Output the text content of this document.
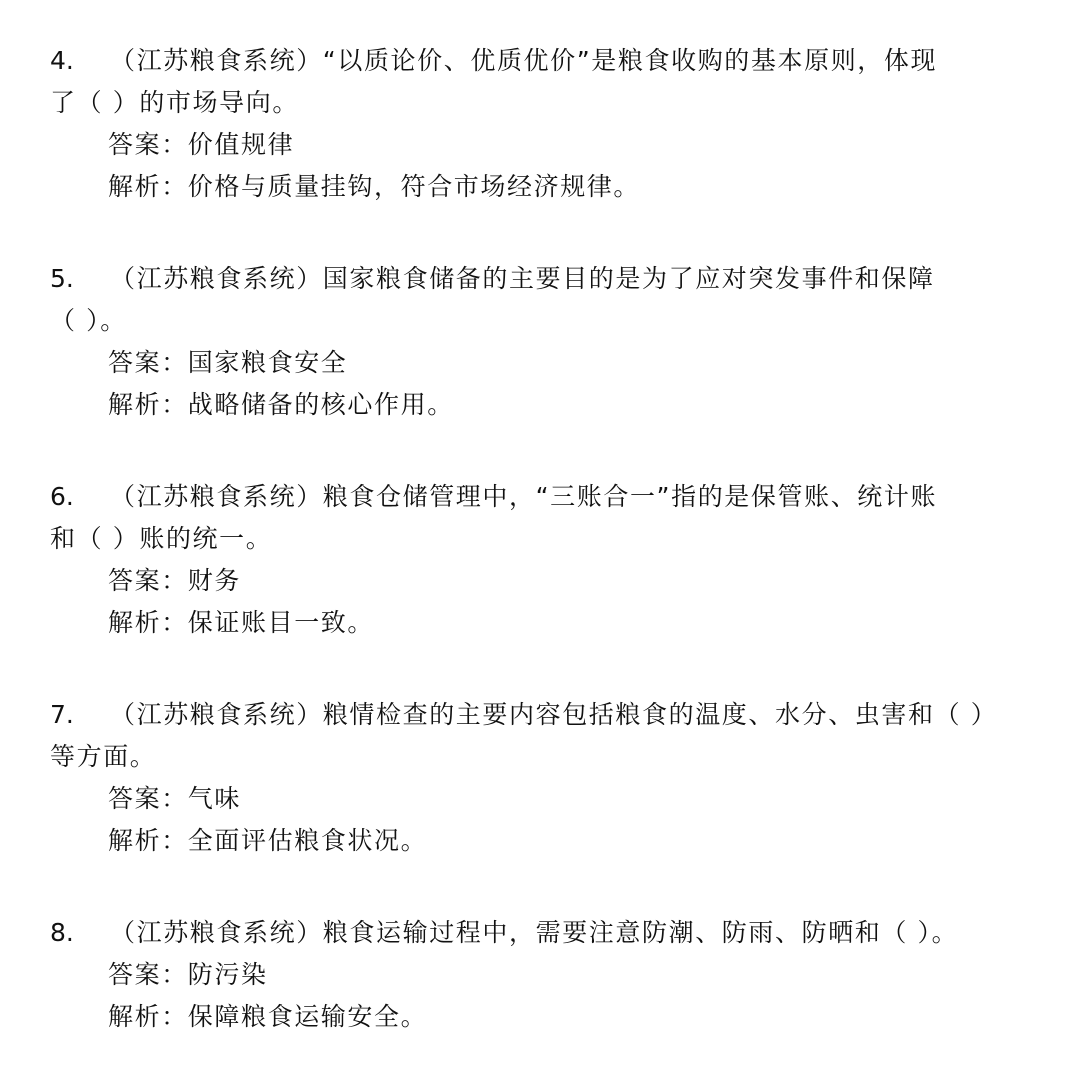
4. （江苏粮食系统）“以质论价、优质优价”是粮食收购的基本原则，体现

了（ ）的市场导向。

答案：价值规律

解析：价格与质量挂钩，符合市场经济规律。

5. （江苏粮食系统）国家粮食储备的主要目的是为了应对突发事件和保障

（ ）。

答案：国家粮食安全

解析：战略储备的核心作用。

6. （江苏粮食系统）粮食仓储管理中，“三账合一”指的是保管账、统计账

和（ ）账的统一。

答案：财务

解析：保证账目一致。

7. （江苏粮食系统）粮情检查的主要内容包括粮食的温度、水分、虫害和（ ）

等方面。

答案：气味

解析：全面评估粮食状况。

8. （江苏粮食系统）粮食运输过程中，需要注意防潮、防雨、防晒和（ ）。

答案：防污染

解析：保障粮食运输安全。
